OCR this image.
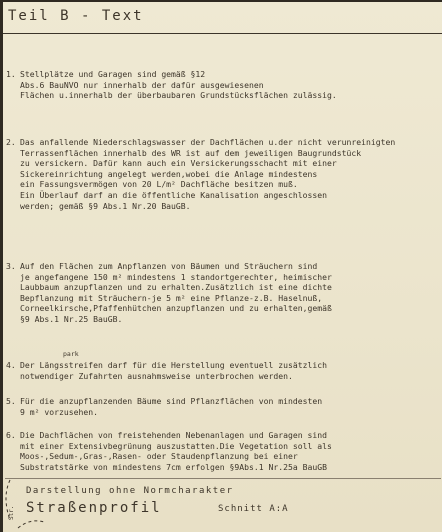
Teil B - Text
1. Stellplätze und Garagen sind gemäß §12
Abs.6 BauNVO nur innerhalb der dafür ausgewiesenen
Flächen u.innerhalb der überbaubaren Grundstücksflächen zulässig.
2. Das anfallende Niederschlagswasser der Dachflächen u.der nicht verunreinigten
Terrassenflächen innerhalb des WR ist auf dem jeweiligen Baugrundstück
zu versickern. Dafür kann auch ein Versickerungsschacht mit einer
Sickereinrichtung angelegt werden,wobei die Anlage mindestens
ein Fassungsvermögen von 20 L/m² Dachfläche besitzen muß.
Ein Überlauf darf an die öffentliche Kanalisation angeschlossen
werden; gemäß §9 Abs.1 Nr.20 BauGB.
3. Auf den Flächen zum Anpflanzen von Bäumen und Sträuchern sind
je angefangene 150 m² mindestens 1 standortgerechter, heimischer
Laubbaum anzupflanzen und zu erhalten.Zusätzlich ist eine dichte
Bepflanzung mit Sträuchern-je 5 m² eine Pflanze-z.B. Haselnuß,
Corneelkirsche,Pfaffenhütchen anzupflanzen und zu erhalten,gemäß
§9 Abs.1 Nr.25 BauGB.
park
4. Der Längsstreifen darf für die Herstellung eventuell zusätzlich
notwendiger Zufahrten ausnahmsweise unterbrochen werden.
5. Für die anzupflanzenden Bäume sind Pflanzflächen von mindesten
9 m² vorzusehen.
6. Die Dachflächen von freistehenden Nebenanlagen und Garagen sind
mit einer Extensivbegrünung auszustatten.Die Vegetation soll als
Moos-,Sedum-,Gras-,Rasen- oder Staudenpflanzung bei einer
Substratstärke von mindestens 7cm erfolgen §9Abs.1 Nr.25a BauGB
Darstellung ohne Normcharakter
Straßenprofil	Schnitt A:A
Str.
